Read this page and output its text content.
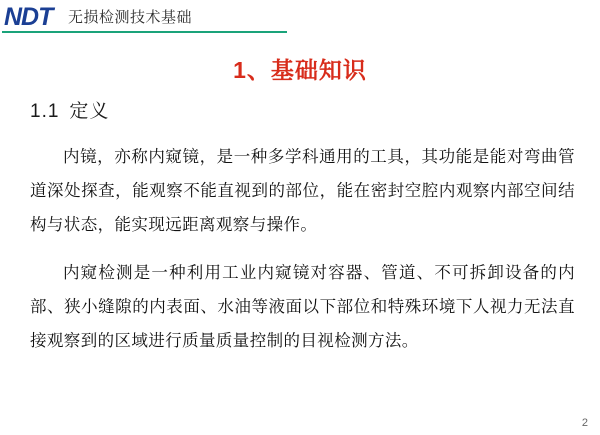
NDT 无损检测技术基础
1、基础知识
1.1 定义

内镜，亦称内窥镜，是一种多学科通用的工具，其功能是能对弯曲管道深处探查，能观察不能直视到的部位，能在密封空腔内观察内部空间结构与状态，能实现远距离观察与操作。

内窥检测是一种利用工业内窥镜对容器、管道、不可拆卸设备的内部、狭小缝隙的内表面、水油等液面以下部位和特殊环境下人视力无法直接观察到的区域进行质量质量控制的目视检测方法。

2
